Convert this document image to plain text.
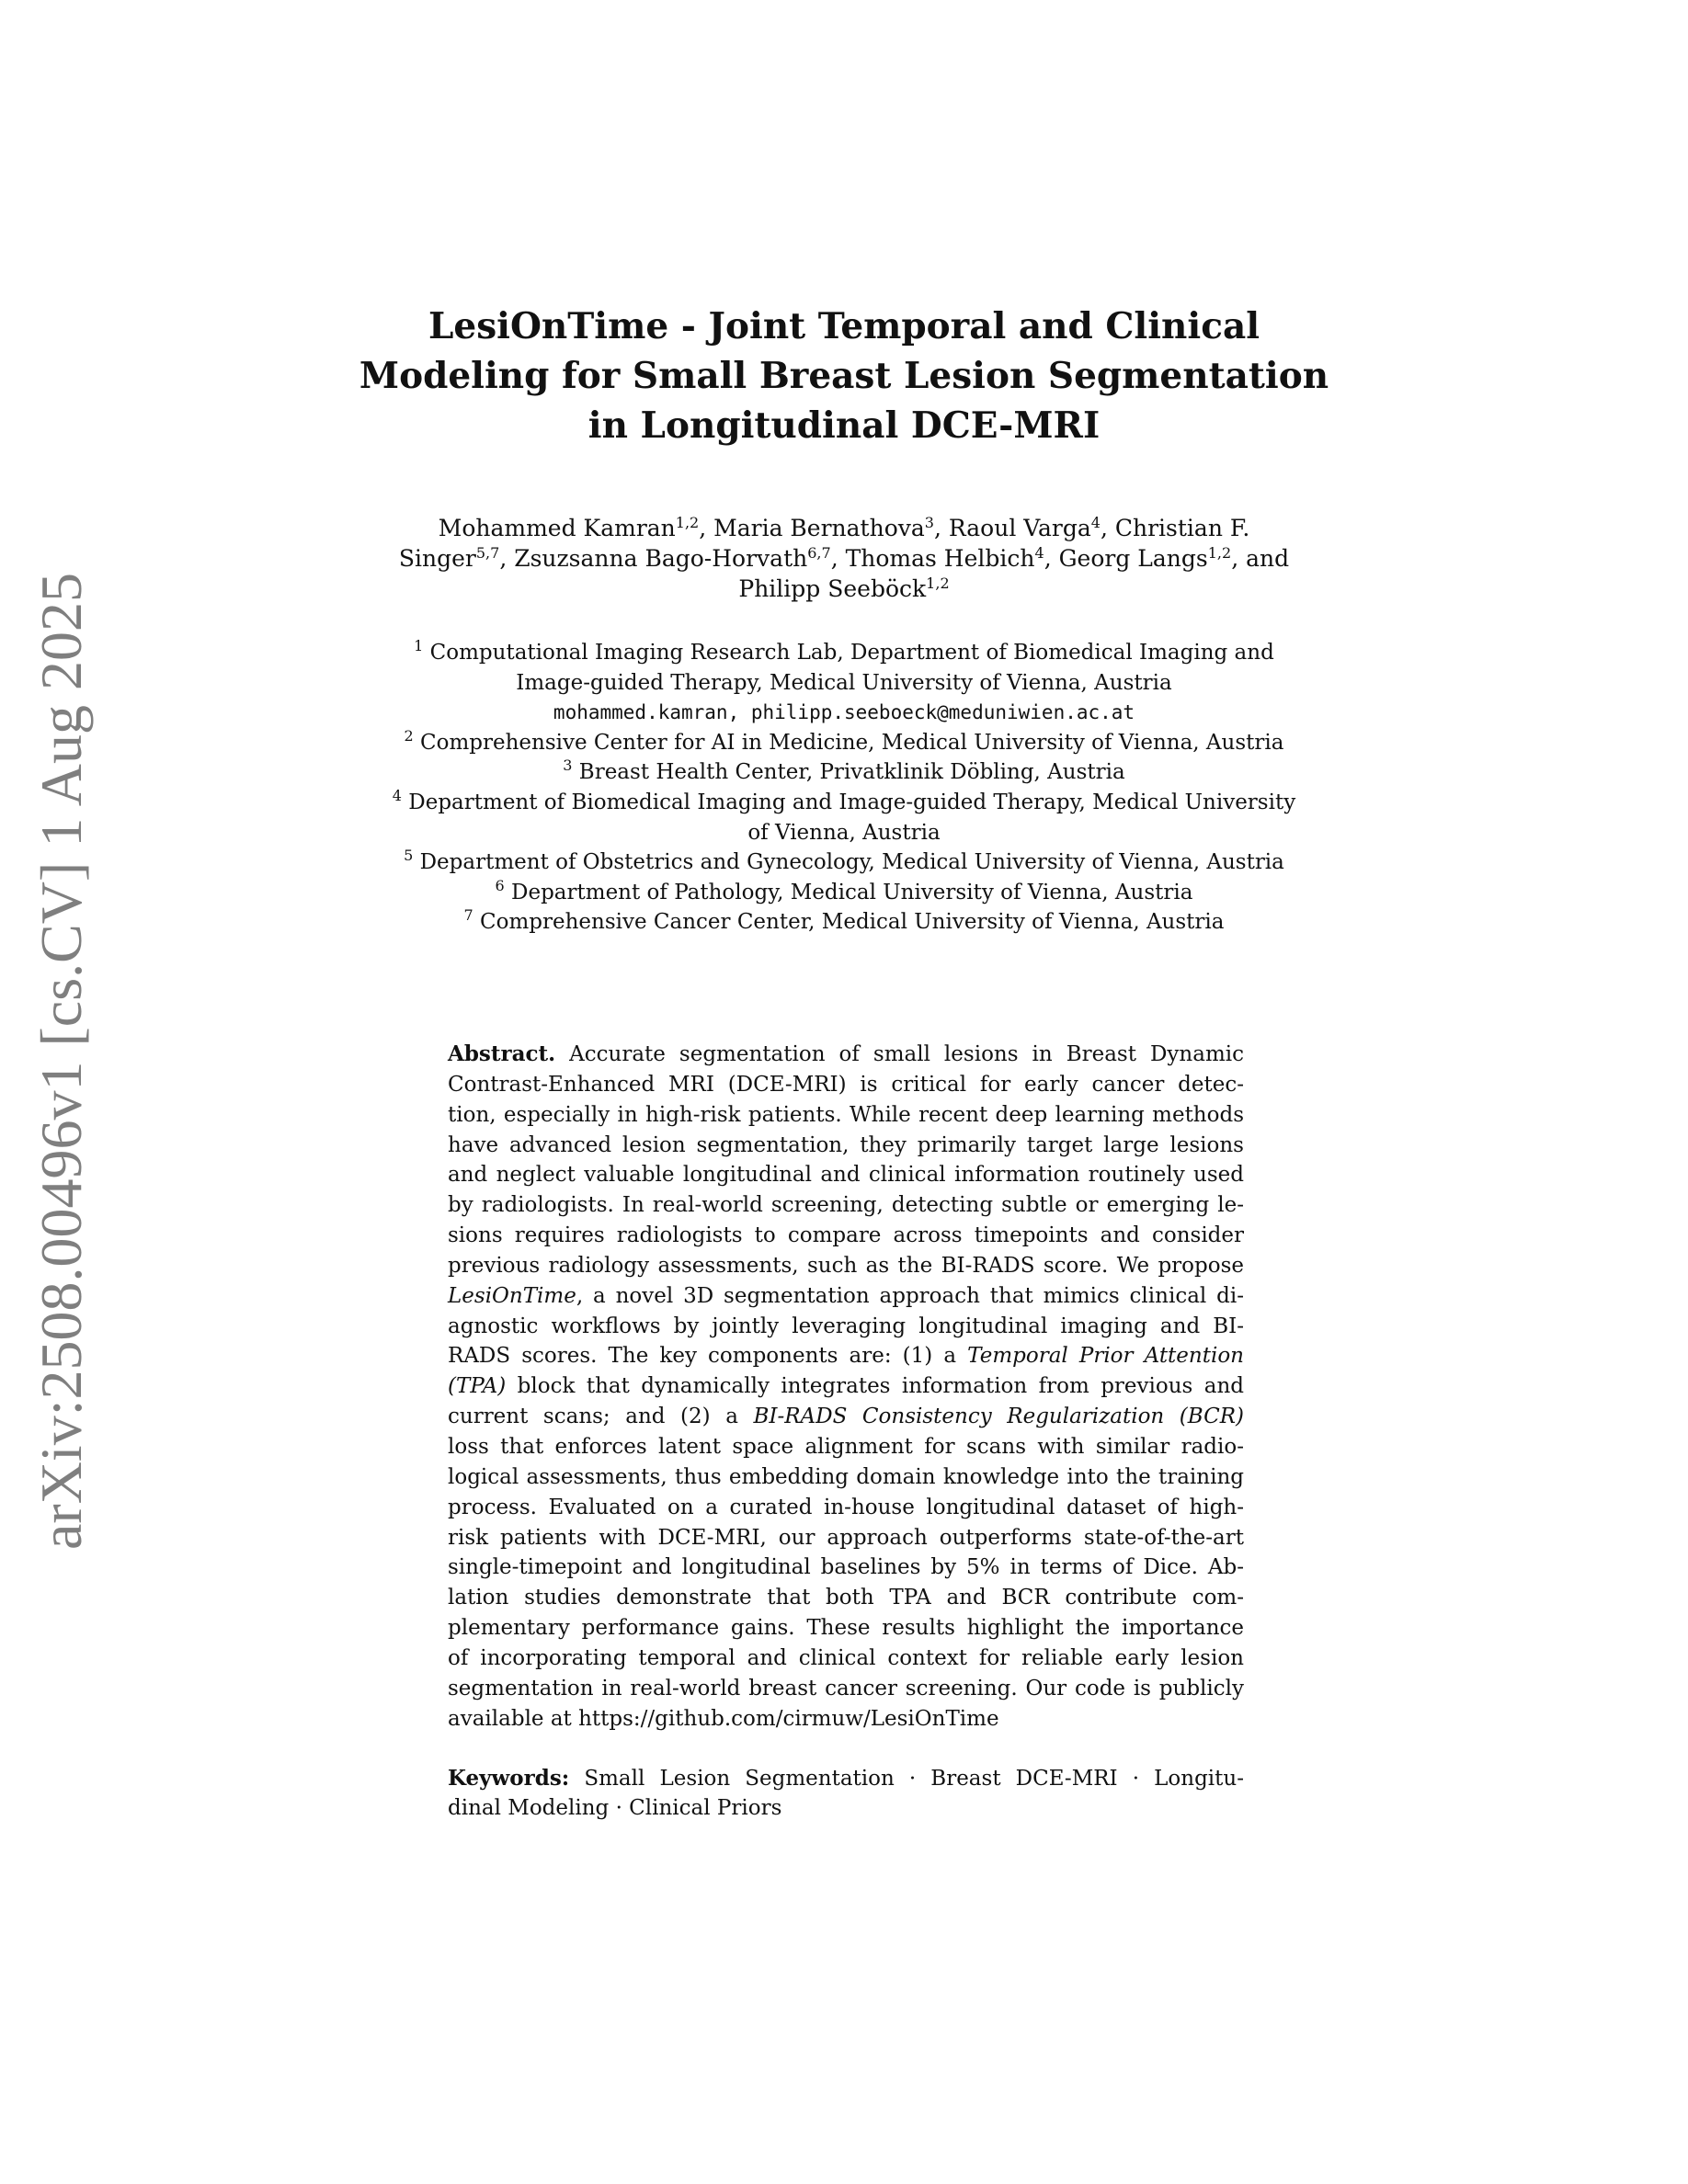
arXiv:2508.00496v1 [cs.CV] 1 Aug 2025
LesiOnTime - Joint Temporal and Clinical
Modeling for Small Breast Lesion Segmentation
in Longitudinal DCE-MRI
Mohammed Kamran$^{1,2}$, Maria Bernathova$^3$, Raoul Varga$^4$, Christian F.
Singer$^{5,7}$, Zsuzsanna Bago-Horvath$^{6,7}$, Thomas Helbich$^4$, Georg Langs$^{1,2}$, and
Philipp Seeböck$^{1,2}$
$^1$ Computational Imaging Research Lab, Department of Biomedical Imaging and
Image-guided Therapy, Medical University of Vienna, Austria
mohammed.kamran, philipp.seeboeck@meduniwien.ac.at
$^2$ Comprehensive Center for AI in Medicine, Medical University of Vienna, Austria
$^3$ Breast Health Center, Privatklinik Döbling, Austria
$^4$ Department of Biomedical Imaging and Image-guided Therapy, Medical University
of Vienna, Austria
$^5$ Department of Obstetrics and Gynecology, Medical University of Vienna, Austria
$^6$ Department of Pathology, Medical University of Vienna, Austria
$^7$ Comprehensive Cancer Center, Medical University of Vienna, Austria
Abstract. Accurate segmentation of small lesions in Breast Dynamic
Contrast-Enhanced MRI (DCE-MRI) is critical for early cancer detec-
tion, especially in high-risk patients. While recent deep learning methods
have advanced lesion segmentation, they primarily target large lesions
and neglect valuable longitudinal and clinical information routinely used
by radiologists. In real-world screening, detecting subtle or emerging le-
sions requires radiologists to compare across timepoints and consider
previous radiology assessments, such as the BI-RADS score. We propose
LesiOnTime, a novel 3D segmentation approach that mimics clinical di-
agnostic workflows by jointly leveraging longitudinal imaging and BI-
RADS scores. The key components are: (1) a Temporal Prior Attention
(TPA) block that dynamically integrates information from previous and
current scans; and (2) a BI-RADS Consistency Regularization (BCR)
loss that enforces latent space alignment for scans with similar radio-
logical assessments, thus embedding domain knowledge into the training
process. Evaluated on a curated in-house longitudinal dataset of high-
risk patients with DCE-MRI, our approach outperforms state-of-the-art
single-timepoint and longitudinal baselines by 5% in terms of Dice. Ab-
lation studies demonstrate that both TPA and BCR contribute com-
plementary performance gains. These results highlight the importance
of incorporating temporal and clinical context for reliable early lesion
segmentation in real-world breast cancer screening. Our code is publicly
available at https://github.com/cirmuw/LesiOnTime
Keywords: Small Lesion Segmentation · Breast DCE-MRI · Longitu-
dinal Modeling · Clinical Priors
